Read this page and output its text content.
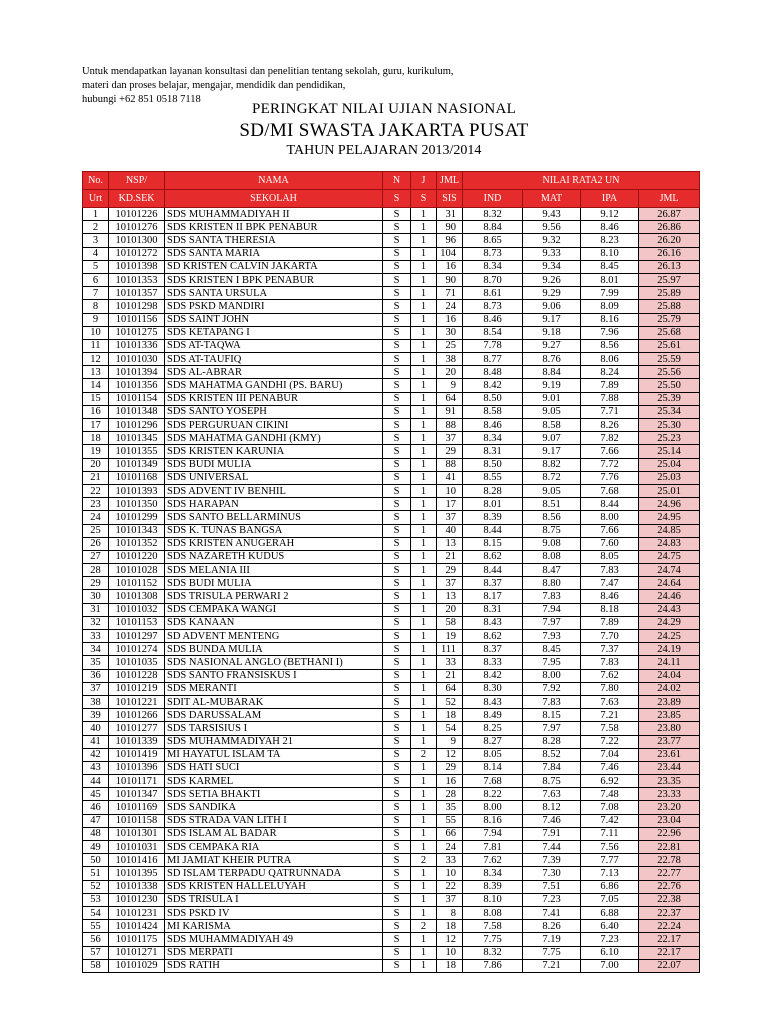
Untuk mendapatkan layanan konsultasi dan penelitian tentang sekolah, guru, kurikulum,
materi dan proses belajar, mengajar, mendidik dan pendidikan,
hubungi +62 851 0518 7118
PERINGKAT NILAI UJIAN NASIONAL
SD/MI SWASTA JAKARTA PUSAT
TAHUN PELAJARAN 2013/2014
No.	NSP/	NAMA	N	J	JML	NILAI RATA2 UN			
Urt	KD.SEK	SEKOLAH	S	S	SIS	IND	MAT	IPA	JML
1	10101226	SDS MUHAMMADIYAH II	S	1	31	8.32	9.43	9.12	26.87
2	10101276	SDS KRISTEN II BPK PENABUR	S	1	90	8.84	9.56	8.46	26.86
3	10101300	SDS SANTA THERESIA	S	1	96	8.65	9.32	8.23	26.20
4	10101272	SDS SANTA MARIA	S	1	104	8.73	9.33	8.10	26.16
5	10101398	SD KRISTEN CALVIN JAKARTA	S	1	16	8.34	9.34	8.45	26.13
6	10101353	SDS KRISTEN I BPK PENABUR	S	1	90	8.70	9.26	8.01	25.97
7	10101357	SDS SANTA URSULA	S	1	71	8.61	9.29	7.99	25.89
8	10101298	SDS PSKD MANDIRI	S	1	24	8.73	9.06	8.09	25.88
9	10101156	SDS SAINT JOHN	S	1	16	8.46	9.17	8.16	25.79
10	10101275	SDS KETAPANG I	S	1	30	8.54	9.18	7.96	25.68
11	10101336	SDS AT-TAQWA	S	1	25	7.78	9.27	8.56	25.61
12	10101030	SDS AT-TAUFIQ	S	1	38	8.77	8.76	8.06	25.59
13	10101394	SDS AL-ABRAR	S	1	20	8.48	8.84	8.24	25.56
14	10101356	SDS MAHATMA GANDHI (PS. BARU)	S	1	9	8.42	9.19	7.89	25.50
15	10101154	SDS KRISTEN III PENABUR	S	1	64	8.50	9.01	7.88	25.39
16	10101348	SDS SANTO YOSEPH	S	1	91	8.58	9.05	7.71	25.34
17	10101296	SDS PERGURUAN CIKINI	S	1	88	8.46	8.58	8.26	25.30
18	10101345	SDS MAHATMA GANDHI (KMY)	S	1	37	8.34	9.07	7.82	25.23
19	10101355	SDS KRISTEN KARUNIA	S	1	29	8.31	9.17	7.66	25.14
20	10101349	SDS BUDI MULIA	S	1	88	8.50	8.82	7.72	25.04
21	10101168	SDS UNIVERSAL	S	1	41	8.55	8.72	7.76	25.03
22	10101393	SDS ADVENT IV BENHIL	S	1	10	8.28	9.05	7.68	25.01
23	10101350	SDS HARAPAN	S	1	17	8.01	8.51	8.44	24.96
24	10101299	SDS SANTO BELLARMINUS	S	1	37	8.39	8.56	8.00	24.95
25	10101343	SDS K. TUNAS BANGSA	S	1	40	8.44	8.75	7.66	24.85
26	10101352	SDS KRISTEN ANUGERAH	S	1	13	8.15	9.08	7.60	24.83
27	10101220	SDS NAZARETH KUDUS	S	1	21	8.62	8.08	8.05	24.75
28	10101028	SDS MELANIA III	S	1	29	8.44	8.47	7.83	24.74
29	10101152	SDS BUDI MULIA	S	1	37	8.37	8.80	7.47	24.64
30	10101308	SDS TRISULA PERWARI 2	S	1	13	8.17	7.83	8.46	24.46
31	10101032	SDS CEMPAKA WANGI	S	1	20	8.31	7.94	8.18	24.43
32	10101153	SDS KANAAN	S	1	58	8.43	7.97	7.89	24.29
33	10101297	SD ADVENT MENTENG	S	1	19	8.62	7.93	7.70	24.25
34	10101274	SDS BUNDA MULIA	S	1	111	8.37	8.45	7.37	24.19
35	10101035	SDS NASIONAL ANGLO (BETHANI I)	S	1	33	8.33	7.95	7.83	24.11
36	10101228	SDS SANTO FRANSISKUS I	S	1	21	8.42	8.00	7.62	24.04
37	10101219	SDS MERANTI	S	1	64	8.30	7.92	7.80	24.02
38	10101221	SDIT AL-MUBARAK	S	1	52	8.43	7.83	7.63	23.89
39	10101266	SDS DARUSSALAM	S	1	18	8.49	8.15	7.21	23.85
40	10101277	SDS TARSISIUS I	S	1	54	8.25	7.97	7.58	23.80
41	10101339	SDS MUHAMMADIYAH 21	S	1	9	8.27	8.28	7.22	23.77
42	10101419	MI HAYATUL ISLAM TA	S	2	12	8.05	8.52	7.04	23.61
43	10101396	SDS HATI SUCI	S	1	29	8.14	7.84	7.46	23.44
44	10101171	SDS KARMEL	S	1	16	7.68	8.75	6.92	23.35
45	10101347	SDS SETIA BHAKTI	S	1	28	8.22	7.63	7.48	23.33
46	10101169	SDS SANDIKA	S	1	35	8.00	8.12	7.08	23.20
47	10101158	SDS STRADA VAN LITH I	S	1	55	8.16	7.46	7.42	23.04
48	10101301	SDS ISLAM AL BADAR	S	1	66	7.94	7.91	7.11	22.96
49	10101031	SDS CEMPAKA RIA	S	1	24	7.81	7.44	7.56	22.81
50	10101416	MI JAMIAT KHEIR PUTRA	S	2	33	7.62	7.39	7.77	22.78
51	10101395	SD ISLAM TERPADU QATRUNNADA	S	1	10	8.34	7.30	7.13	22.77
52	10101338	SDS KRISTEN HALLELUYAH	S	1	22	8.39	7.51	6.86	22.76
53	10101230	SDS TRISULA I	S	1	37	8.10	7.23	7.05	22.38
54	10101231	SDS PSKD IV	S	1	8	8.08	7.41	6.88	22.37
55	10101424	MI KARISMA	S	2	18	7.58	8.26	6.40	22.24
56	10101175	SDS MUHAMMADIYAH 49	S	1	12	7.75	7.19	7.23	22.17
57	10101271	SDS MERPATI	S	1	10	8.32	7.75	6.10	22.17
58	10101029	SDS RATIH	S	1	18	7.86	7.21	7.00	22.07
